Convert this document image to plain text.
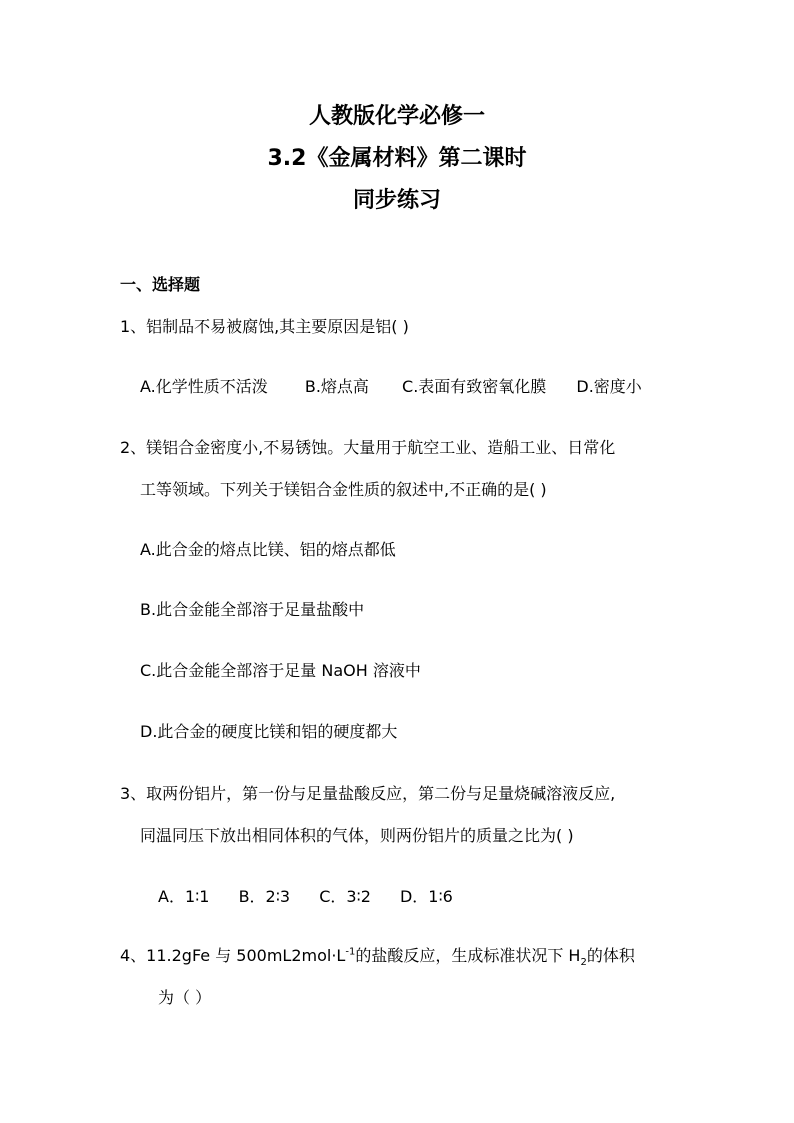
人教版化学必修一
3.2《金属材料》第二课时
同步练习
一、选择题
1、铝制品不易被腐蚀,其主要原因是铝( )
A.化学性质不活泼 B.熔点高 C.表面有致密氧化膜 D.密度小
2、镁铝合金密度小,不易锈蚀。大量用于航空工业、造船工业、日常化
工等领域。下列关于镁铝合金性质的叙述中,不正确的是( )
A.此合金的熔点比镁、铝的熔点都低
B.此合金能全部溶于足量盐酸中
C.此合金能全部溶于足量 NaOH 溶液中
D.此合金的硬度比镁和铝的硬度都大
3、取两份铝片，第一份与足量盐酸反应，第二份与足量烧碱溶液反应,
同温同压下放出相同体积的气体，则两份铝片的质量之比为( )
A．1∶1 B．2∶3 C．3∶2 D．1∶6
4、11.2gFe 与 $500mL2mol\cdot L^{-1}$的盐酸反应，生成标准状况下 $H_2$的体积
为（ ）
